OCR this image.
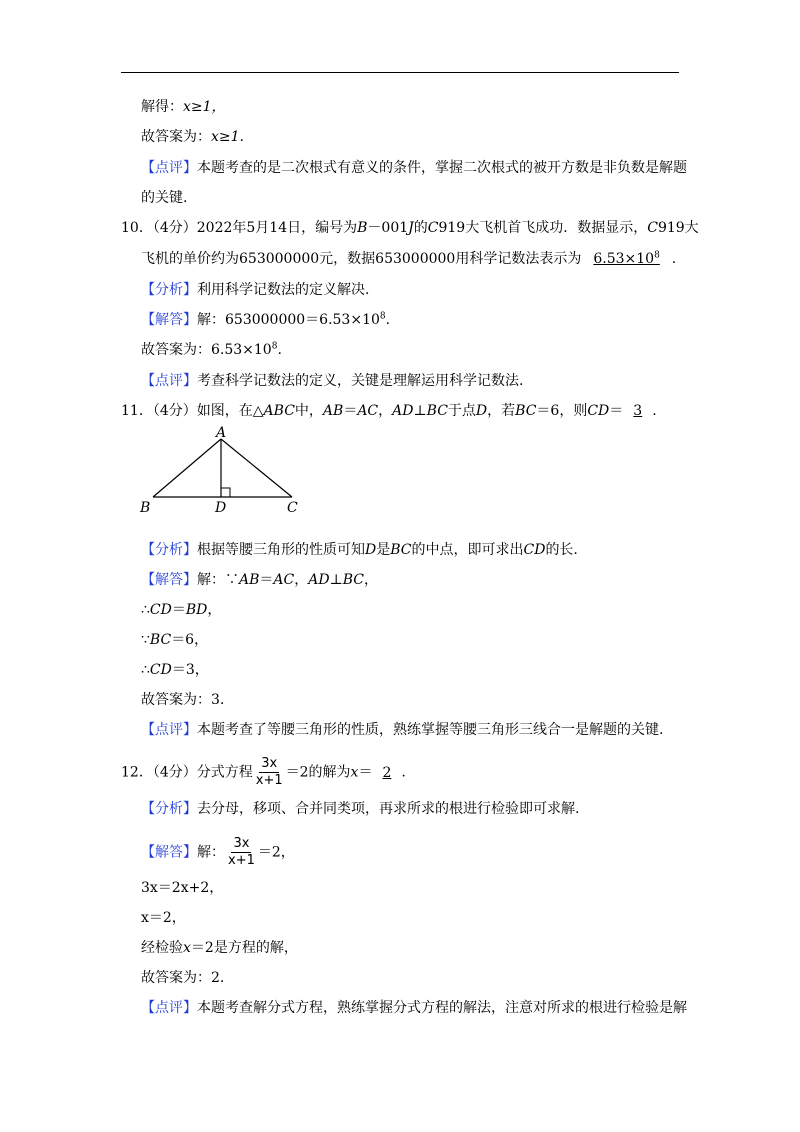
解得：x≥1，
故答案为：x≥1.
【点评】本题考查的是二次根式有意义的条件，掌握二次根式的被开方数是非负数是解题
的关键.
10．（4分）2022年5月14日，编号为B－001J的C919大飞机首飞成功．数据显示，C919大
飞机的单价约为653000000元，数据653000000用科学记数法表示为 $6.53\times 10^8$ .
【分析】利用科学记数法的定义解决.
【解答】解：$653000000=6.53\times 10^8$.
故答案为：$6.53\times 10^8$.
【点评】考查科学记数法的定义，关键是理解运用科学记数法.
11．（4分）如图，在△ABC中，AB＝AC，AD⊥BC于点D，若BC＝6，则CD＝ 3 .
A
B	D	C
【分析】根据等腰三角形的性质可知D是BC的中点，即可求出CD的长.
【解答】解：∵AB＝AC，AD⊥BC，
∴CD＝BD，
∵BC＝6，
∴CD＝3，
故答案为：3.
【点评】本题考查了等腰三角形的性质，熟练掌握等腰三角形三线合一是解题的关键.
12．（4分）分式方程 $\frac{3x}{x+1} =2$的解为x＝ 2 .
【分析】去分母，移项、合并同类项，再求所求的根进行检验即可求解.
【解答】解： $\frac{3x}{x+1} =2$，
3x＝2x+2，
x＝2，
经检验x＝2是方程的解，
故答案为：2.
【点评】本题考查解分式方程，熟练掌握分式方程的解法，注意对所求的根进行检验是解
